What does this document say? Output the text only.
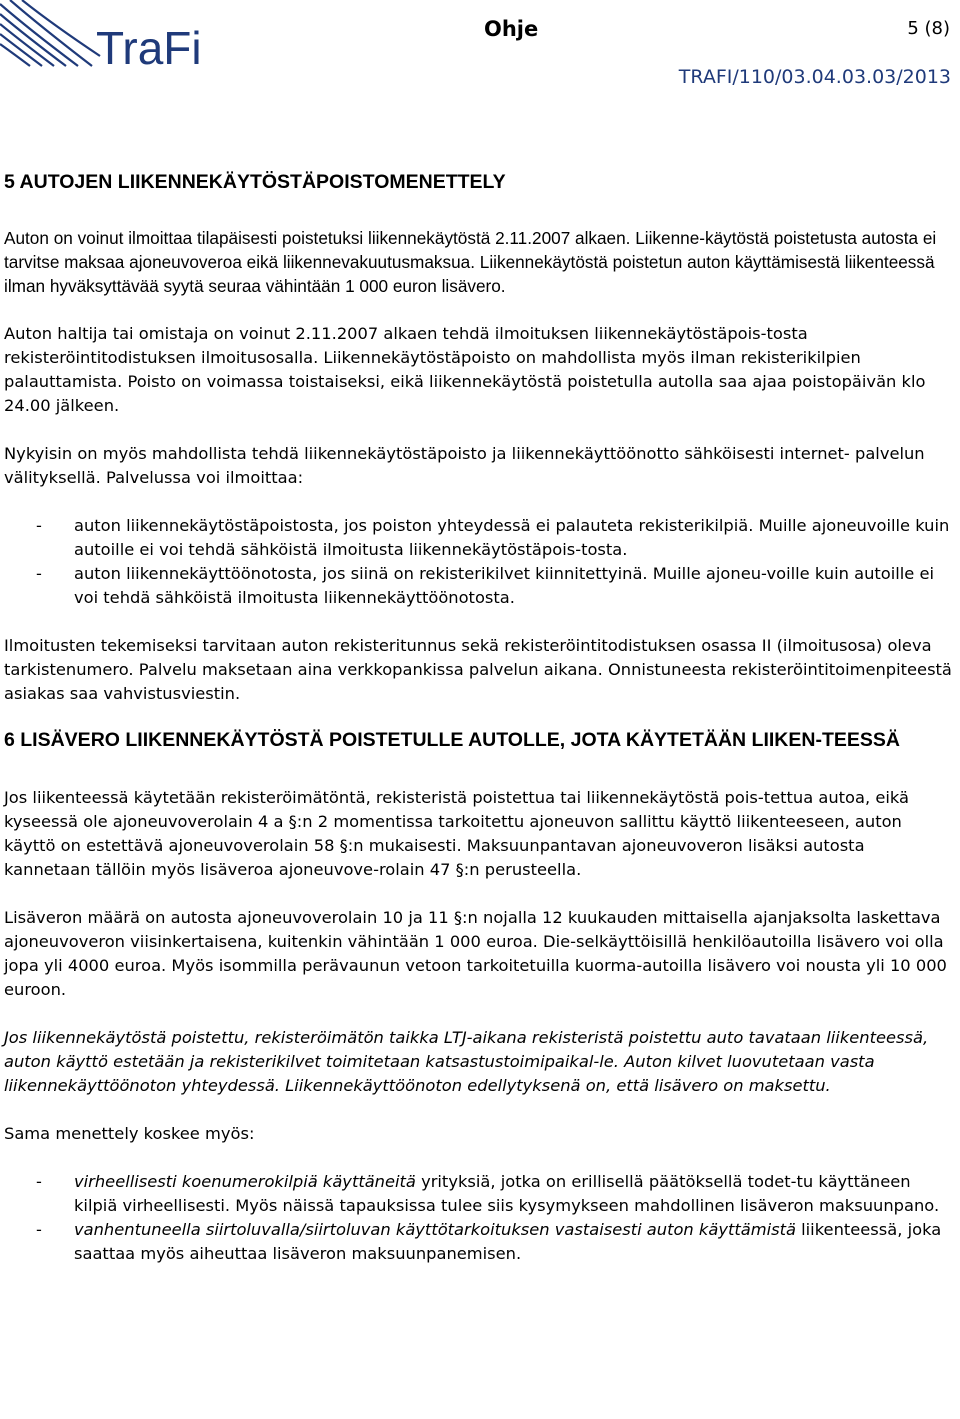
TraFi	Ohje	5 (8)
TRAFI/110/03.04.03.03/2013
5 AUTOJEN LIIKENNEKÄYTÖSTÄPOISTOMENETTELY

Auton on voinut ilmoittaa tilapäisesti poistetuksi liikennekäytöstä 2.11.2007 alkaen. Liikenne-käytöstä poistetusta autosta ei tarvitse maksaa ajoneuvoveroa eikä liikennevakuutusmaksua. Liikennekäytöstä poistetun auton käyttämisestä liikenteessä ilman hyväksyttävää syytä seuraa vähintään 1 000 euron lisävero.

Auton haltija tai omistaja on voinut 2.11.2007 alkaen tehdä ilmoituksen liikennekäytöstäpois-tosta rekisteröintitodistuksen ilmoitusosalla. Liikennekäytöstäpoisto on mahdollista myös ilman rekisterikilpien palauttamista. Poisto on voimassa toistaiseksi, eikä liikennekäytöstä poistetulla autolla saa ajaa poistopäivän klo 24.00 jälkeen.

Nykyisin on myös mahdollista tehdä liikennekäytöstäpoisto ja liikennekäyttöönotto sähköisesti internet- palvelun välityksellä. Palvelussa voi ilmoittaa:

- auton liikennekäytöstäpoistosta, jos poiston yhteydessä ei palauteta rekisterikilpiä. Muille ajoneuvoille kuin autoille ei voi tehdä sähköistä ilmoitusta liikennekäytöstäpois-tosta.
- auton liikennekäyttöönotosta, jos siinä on rekisterikilvet kiinnitettyinä. Muille ajoneu-voille kuin autoille ei voi tehdä sähköistä ilmoitusta liikennekäyttöönotosta.

Ilmoitusten tekemiseksi tarvitaan auton rekisteritunnus sekä rekisteröintitodistuksen osassa II (ilmoitusosa) oleva tarkistenumero. Palvelu maksetaan aina verkkopankissa palvelun aikana. Onnistuneesta rekisteröintitoimenpiteestä asiakas saa vahvistusviestin.

6 LISÄVERO LIIKENNEKÄYTÖSTÄ POISTETULLE AUTOLLE, JOTA KÄYTETÄÄN LIIKEN-TEESSÄ

Jos liikenteessä käytetään rekisteröimätöntä, rekisteristä poistettua tai liikennekäytöstä pois-tettua autoa, eikä kyseessä ole ajoneuvoverolain 4 a §:n 2 momentissa tarkoitettu ajoneuvon sallittu käyttö liikenteeseen, auton käyttö on estettävä ajoneuvoverolain 58 §:n mukaisesti. Maksuunpantavan ajoneuvoveron lisäksi autosta kannetaan tällöin myös lisäveroa ajoneuvove-rolain 47 §:n perusteella.

Lisäveron määrä on autosta ajoneuvoverolain 10 ja 11 §:n nojalla 12 kuukauden mittaisella ajanjaksolta laskettava ajoneuvoveron viisinkertaisena, kuitenkin vähintään 1 000 euroa. Die-selkäyttöisillä henkilöautoilla lisävero voi olla jopa yli 4000 euroa. Myös isommilla perävaunun vetoon tarkoitetuilla kuorma-autoilla lisävero voi nousta yli 10 000 euroon.

Jos liikennekäytöstä poistettu, rekisteröimätön taikka LTJ-aikana rekisteristä poistettu auto tavataan liikenteessä, auton käyttö estetään ja rekisterikilvet toimitetaan katsastustoimipaikal-le. Auton kilvet luovutetaan vasta liikennekäyttöönoton yhteydessä. Liikennekäyttöönoton edellytyksenä on, että lisävero on maksettu.

Sama menettely koskee myös:

- virheellisesti koenumerokilpiä käyttäneitä yrityksiä, jotka on erillisellä päätöksellä todet-tu käyttäneen kilpiä virheellisesti. Myös näissä tapauksissa tulee siis kysymykseen mahdollinen lisäveron maksuunpano.
- vanhentuneella siirtoluvalla/siirtoluvan käyttötarkoituksen vastaisesti auton käyttämistä liikenteessä, joka saattaa myös aiheuttaa lisäveron maksuunpanemisen.
